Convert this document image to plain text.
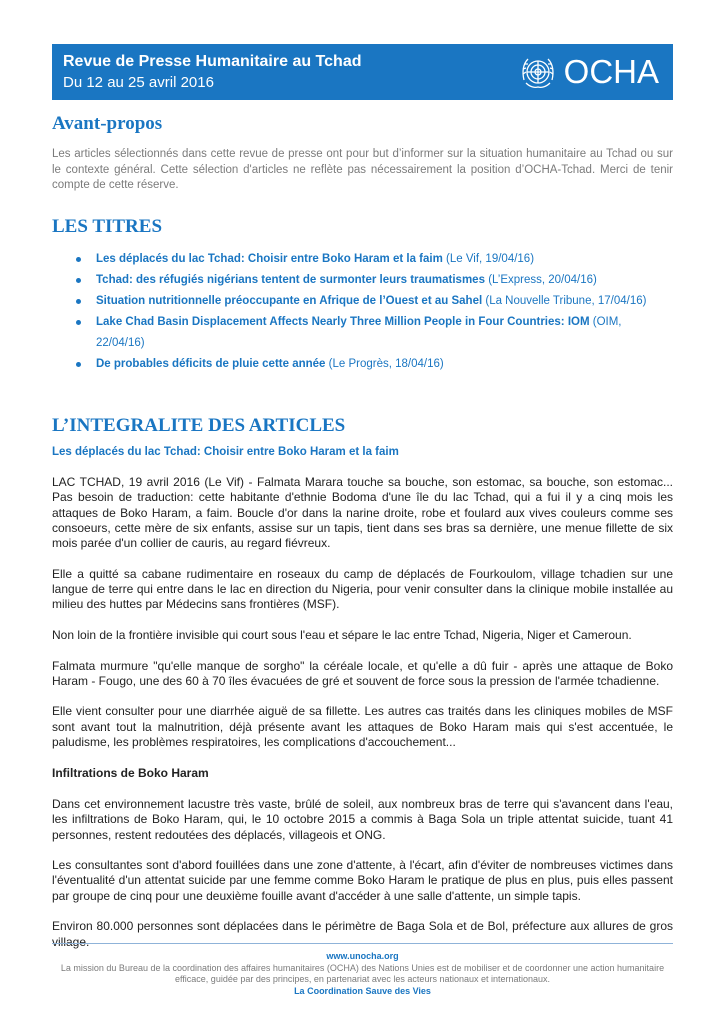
Revue de Presse Humanitaire au Tchad
Du 12 au 25 avril 2016	OCHA
Avant-propos
Les articles sélectionnés dans cette revue de presse ont pour but d’informer sur la situation humanitaire au Tchad ou sur le contexte général. Cette sélection d'articles ne reflète pas nécessairement la position d’OCHA-Tchad. Merci de tenir compte de cette réserve.
LES TITRES
Les déplacés du lac Tchad: Choisir entre Boko Haram et la faim (Le Vif, 19/04/16)
Tchad: des réfugiés nigérians tentent de surmonter leurs traumatismes (L’Express, 20/04/16)
Situation nutritionnelle préoccupante en Afrique de l’Ouest et au Sahel (La Nouvelle Tribune, 17/04/16)
Lake Chad Basin Displacement Affects Nearly Three Million People in Four Countries: IOM (OIM, 22/04/16)
De probables déficits de pluie cette année (Le Progrès, 18/04/16)
L’INTEGRALITE DES ARTICLES
Les déplacés du lac Tchad: Choisir entre Boko Haram et la faim

LAC TCHAD, 19 avril 2016 (Le Vif) - Falmata Marara touche sa bouche, son estomac, sa bouche, son estomac... Pas besoin de traduction: cette habitante d'ethnie Bodoma d'une île du lac Tchad, qui a fui il y a cinq mois les attaques de Boko Haram, a faim. Boucle d'or dans la narine droite, robe et foulard aux vives couleurs comme ses consoeurs, cette mère de six enfants, assise sur un tapis, tient dans ses bras sa dernière, une menue fillette de six mois parée d'un collier de cauris, au regard fiévreux.

Elle a quitté sa cabane rudimentaire en roseaux du camp de déplacés de Fourkoulom, village tchadien sur une langue de terre qui entre dans le lac en direction du Nigeria, pour venir consulter dans la clinique mobile installée au milieu des huttes par Médecins sans frontières (MSF).

Non loin de la frontière invisible qui court sous l'eau et sépare le lac entre Tchad, Nigeria, Niger et Cameroun.

Falmata murmure "qu'elle manque de sorgho" la céréale locale, et qu'elle a dû fuir - après une attaque de Boko Haram - Fougo, une des 60 à 70 îles évacuées de gré et souvent de force sous la pression de l'armée tchadienne.

Elle vient consulter pour une diarrhée aiguë de sa fillette. Les autres cas traités dans les cliniques mobiles de MSF sont avant tout la malnutrition, déjà présente avant les attaques de Boko Haram mais qui s'est accentuée, le paludisme, les problèmes respiratoires, les complications d'accouchement...

Infiltrations de Boko Haram

Dans cet environnement lacustre très vaste, brûlé de soleil, aux nombreux bras de terre qui s'avancent dans l'eau, les infiltrations de Boko Haram, qui, le 10 octobre 2015 a commis à Baga Sola un triple attentat suicide, tuant 41 personnes, restent redoutées des déplacés, villageois et ONG.

Les consultantes sont d'abord fouillées dans une zone d'attente, à l'écart, afin d'éviter de nombreuses victimes dans l'éventualité d'un attentat suicide par une femme comme Boko Haram le pratique de plus en plus, puis elles passent par groupe de cinq pour une deuxième fouille avant d'accéder à une salle d'attente, un simple tapis.

Environ 80.000 personnes sont déplacées dans le périmètre de Baga Sola et de Bol, préfecture aux allures de gros village.

www.unocha.org
La mission du Bureau de la coordination des affaires humanitaires (OCHA) des Nations Unies est de mobiliser et de coordonner une action humanitaire efficace, guidée par des principes, en partenariat avec les acteurs nationaux et internationaux.
La Coordination Sauve des Vies
